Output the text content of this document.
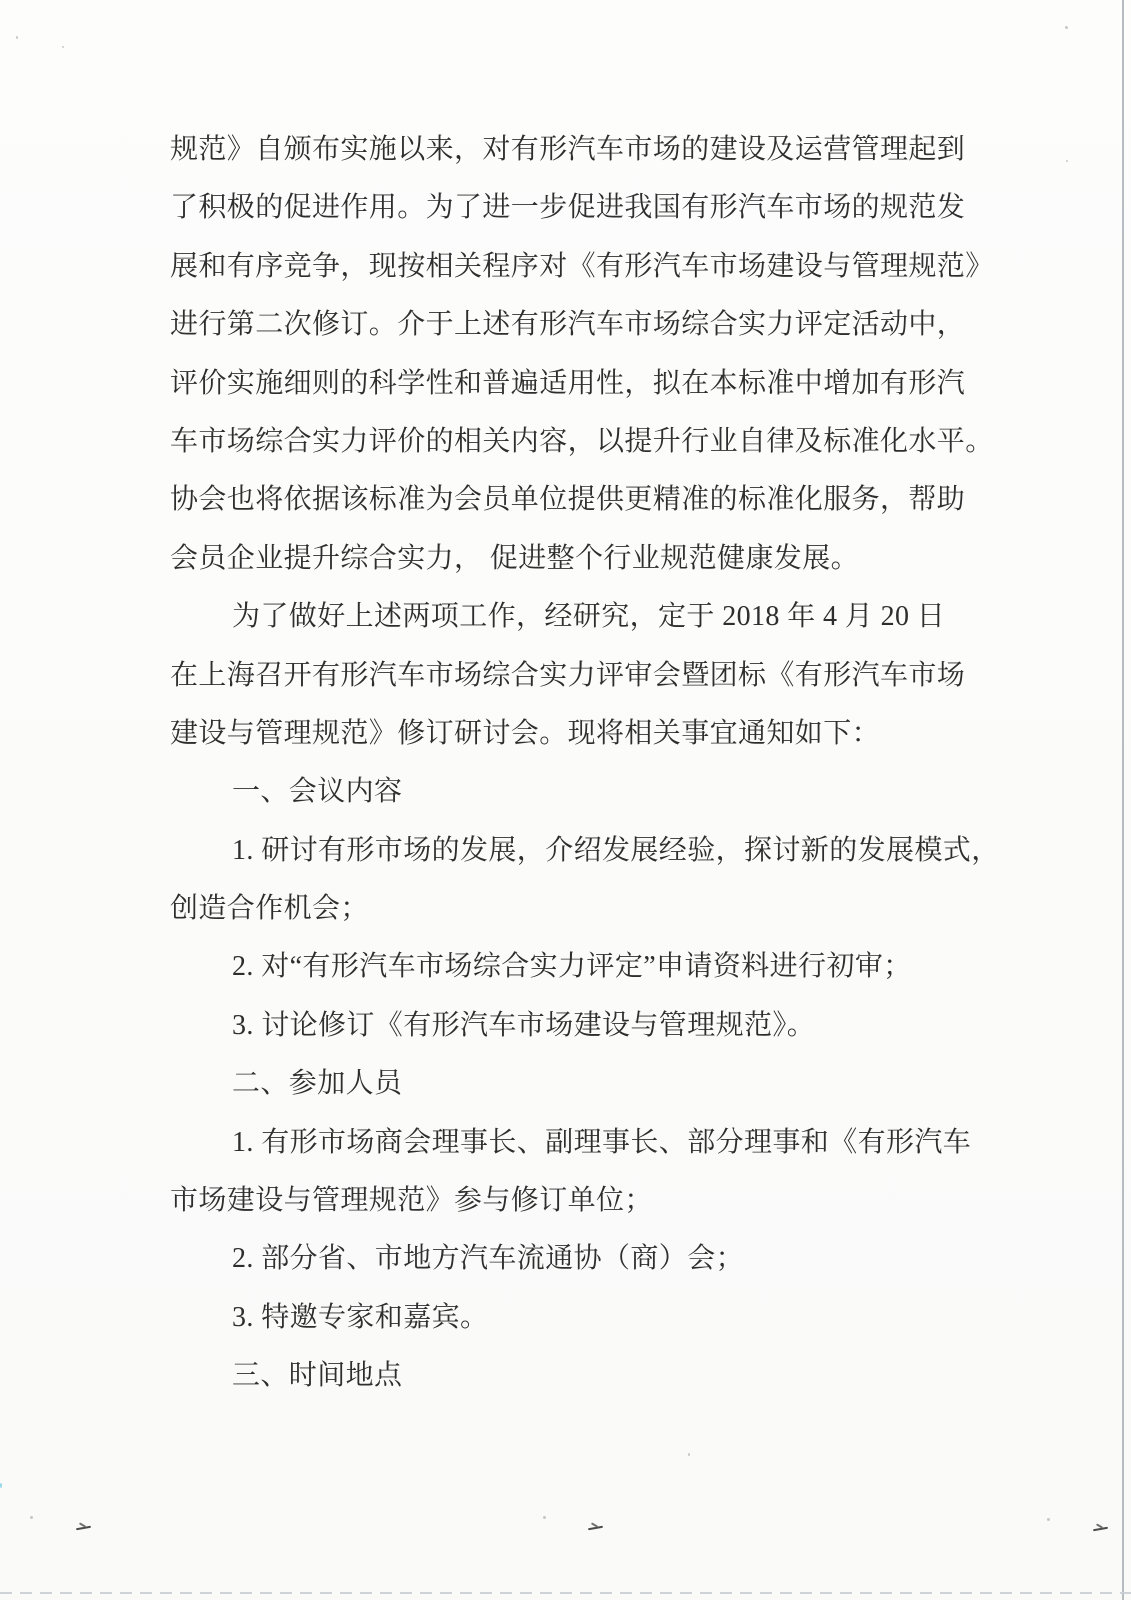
规范》自颁布实施以来，对有形汽车市场的建设及运营管理起到
了积极的促进作用。为了进一步促进我国有形汽车市场的规范发
展和有序竞争，现按相关程序对《有形汽车市场建设与管理规范》
进行第二次修订。介于上述有形汽车市场综合实力评定活动中，
评价实施细则的科学性和普遍适用性，拟在本标准中增加有形汽
车市场综合实力评价的相关内容，以提升行业自律及标准化水平。
协会也将依据该标准为会员单位提供更精准的标准化服务，帮助
会员企业提升综合实力， 促进整个行业规范健康发展。
为了做好上述两项工作，经研究，定于 2018 年 4 月 20 日
在上海召开有形汽车市场综合实力评审会暨团标《有形汽车市场
建设与管理规范》修订研讨会。现将相关事宜通知如下：
一、会议内容
1. 研讨有形市场的发展，介绍发展经验，探讨新的发展模式，
创造合作机会；
2. 对“有形汽车市场综合实力评定”申请资料进行初审；
3. 讨论修订《有形汽车市场建设与管理规范》。
二、参加人员
1. 有形市场商会理事长、副理事长、部分理事和《有形汽车
市场建设与管理规范》参与修订单位；
2. 部分省、市地方汽车流通协（商）会；
3. 特邀专家和嘉宾。
三、时间地点
